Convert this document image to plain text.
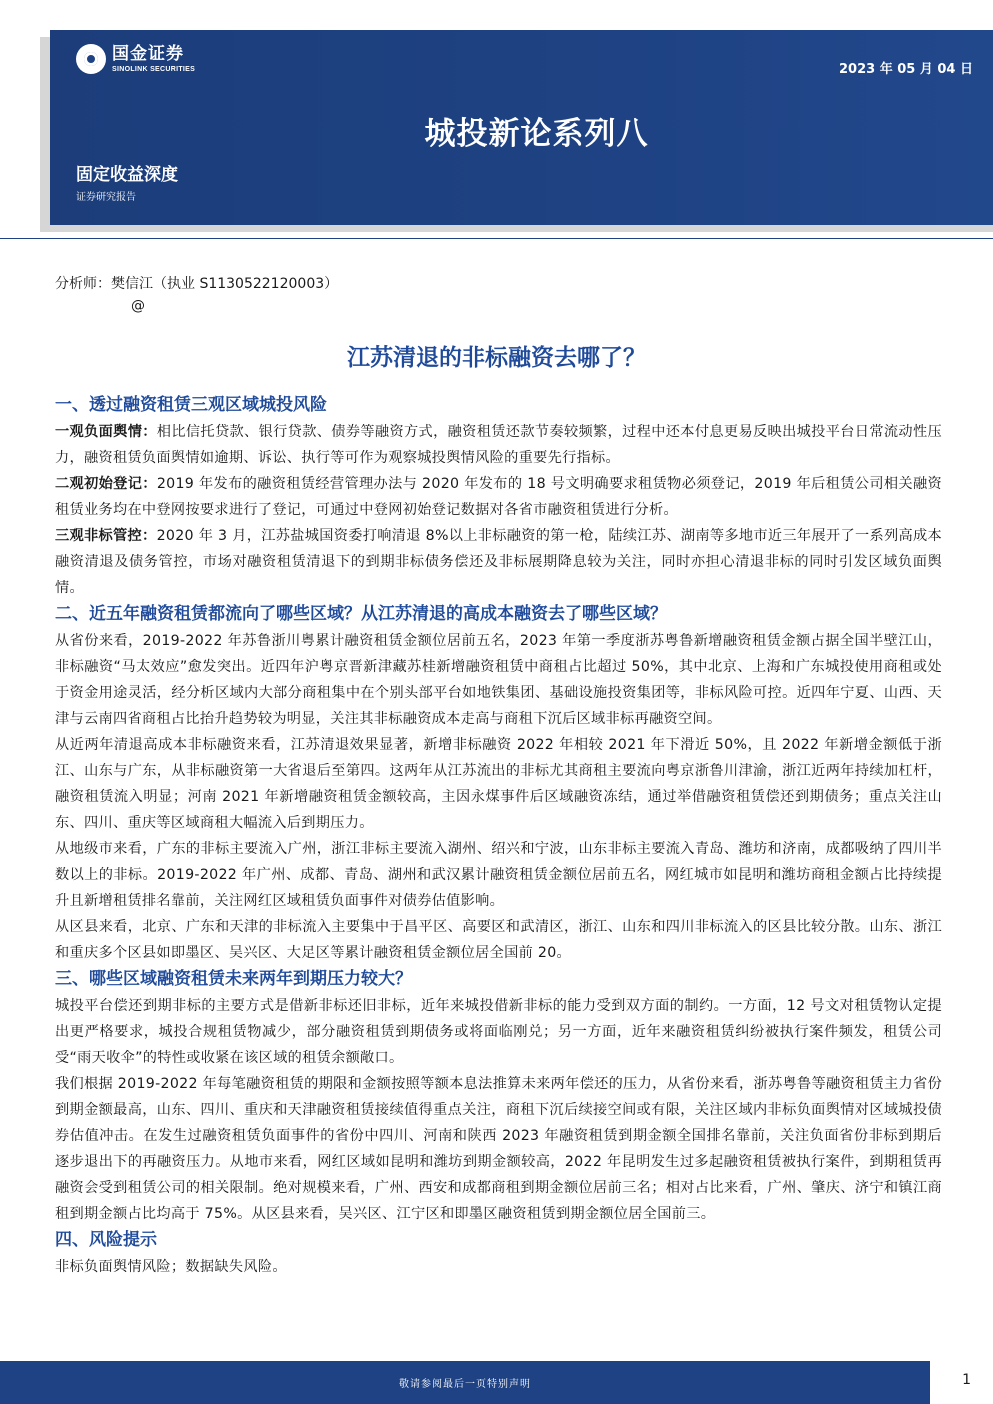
国金证券
SINOLINK SECURITIES	2023 年 05 月 04 日
城投新论系列八
固定收益深度
证券研究报告
分析师：樊信江（执业 S1130522120003）
@
江苏清退的非标融资去哪了？
一、透过融资租赁三观区域城投风险

一观负面舆情：相比信托贷款、银行贷款、债券等融资方式，融资租赁还款节奏较频繁，过程中还本付息更易反映出城投平台日常流动性压力，融资租赁负面舆情如逾期、诉讼、执行等可作为观察城投舆情风险的重要先行指标。

二观初始登记：2019 年发布的融资租赁经营管理办法与 2020 年发布的 18 号文明确要求租赁物必须登记，2019 年后租赁公司相关融资租赁业务均在中登网按要求进行了登记，可通过中登网初始登记数据对各省市融资租赁进行分析。

三观非标管控：2020 年 3 月，江苏盐城国资委打响清退 8%以上非标融资的第一枪，陆续江苏、湖南等多地市近三年展开了一系列高成本融资清退及债务管控，市场对融资租赁清退下的到期非标债务偿还及非标展期降息较为关注，同时亦担心清退非标的同时引发区域负面舆情。

二、近五年融资租赁都流向了哪些区域？从江苏清退的高成本融资去了哪些区域？

从省份来看，2019-2022 年苏鲁浙川粤累计融资租赁金额位居前五名，2023 年第一季度浙苏粤鲁新增融资租赁金额占据全国半壁江山，非标融资“马太效应”愈发突出。近四年沪粤京晋新津藏苏桂新增融资租赁中商租占比超过 50%，其中北京、上海和广东城投使用商租或处于资金用途灵活，经分析区域内大部分商租集中在个别头部平台如地铁集团、基础设施投资集团等，非标风险可控。近四年宁夏、山西、天津与云南四省商租占比抬升趋势较为明显，关注其非标融资成本走高与商租下沉后区域非标再融资空间。

从近两年清退高成本非标融资来看，江苏清退效果显著，新增非标融资 2022 年相较 2021 年下滑近 50%，且 2022 年新增金额低于浙江、山东与广东，从非标融资第一大省退后至第四。这两年从江苏流出的非标尤其商租主要流向粤京浙鲁川津渝，浙江近两年持续加杠杆，融资租赁流入明显；河南 2021 年新增融资租赁金额较高，主因永煤事件后区域融资冻结，通过举借融资租赁偿还到期债务；重点关注山东、四川、重庆等区域商租大幅流入后到期压力。

从地级市来看，广东的非标主要流入广州，浙江非标主要流入湖州、绍兴和宁波，山东非标主要流入青岛、潍坊和济南，成都吸纳了四川半数以上的非标。2019-2022 年广州、成都、青岛、湖州和武汉累计融资租赁金额位居前五名，网红城市如昆明和潍坊商租金额占比持续提升且新增租赁排名靠前，关注网红区域租赁负面事件对债券估值影响。

从区县来看，北京、广东和天津的非标流入主要集中于昌平区、高要区和武清区，浙江、山东和四川非标流入的区县比较分散。山东、浙江和重庆多个区县如即墨区、吴兴区、大足区等累计融资租赁金额位居全国前 20。

三、哪些区域融资租赁未来两年到期压力较大？

城投平台偿还到期非标的主要方式是借新非标还旧非标，近年来城投借新非标的能力受到双方面的制约。一方面，12 号文对租赁物认定提出更严格要求，城投合规租赁物减少，部分融资租赁到期债务或将面临刚兑；另一方面，近年来融资租赁纠纷被执行案件频发，租赁公司受“雨天收伞”的特性或收紧在该区域的租赁余额敞口。

我们根据 2019-2022 年每笔融资租赁的期限和金额按照等额本息法推算未来两年偿还的压力，从省份来看，浙苏粤鲁等融资租赁主力省份到期金额最高，山东、四川、重庆和天津融资租赁接续值得重点关注，商租下沉后续接空间或有限，关注区域内非标负面舆情对区域城投债券估值冲击。在发生过融资租赁负面事件的省份中四川、河南和陕西 2023 年融资租赁到期金额全国排名靠前，关注负面省份非标到期后逐步退出下的再融资压力。从地市来看，网红区域如昆明和潍坊到期金额较高，2022 年昆明发生过多起融资租赁被执行案件，到期租赁再融资会受到租赁公司的相关限制。绝对规模来看，广州、西安和成都商租到期金额位居前三名；相对占比来看，广州、肇庆、济宁和镇江商租到期金额占比均高于 75%。从区县来看，吴兴区、江宁区和即墨区融资租赁到期金额位居全国前三。

四、风险提示

非标负面舆情风险；数据缺失风险。

敬请参阅最后一页特别声明	1
